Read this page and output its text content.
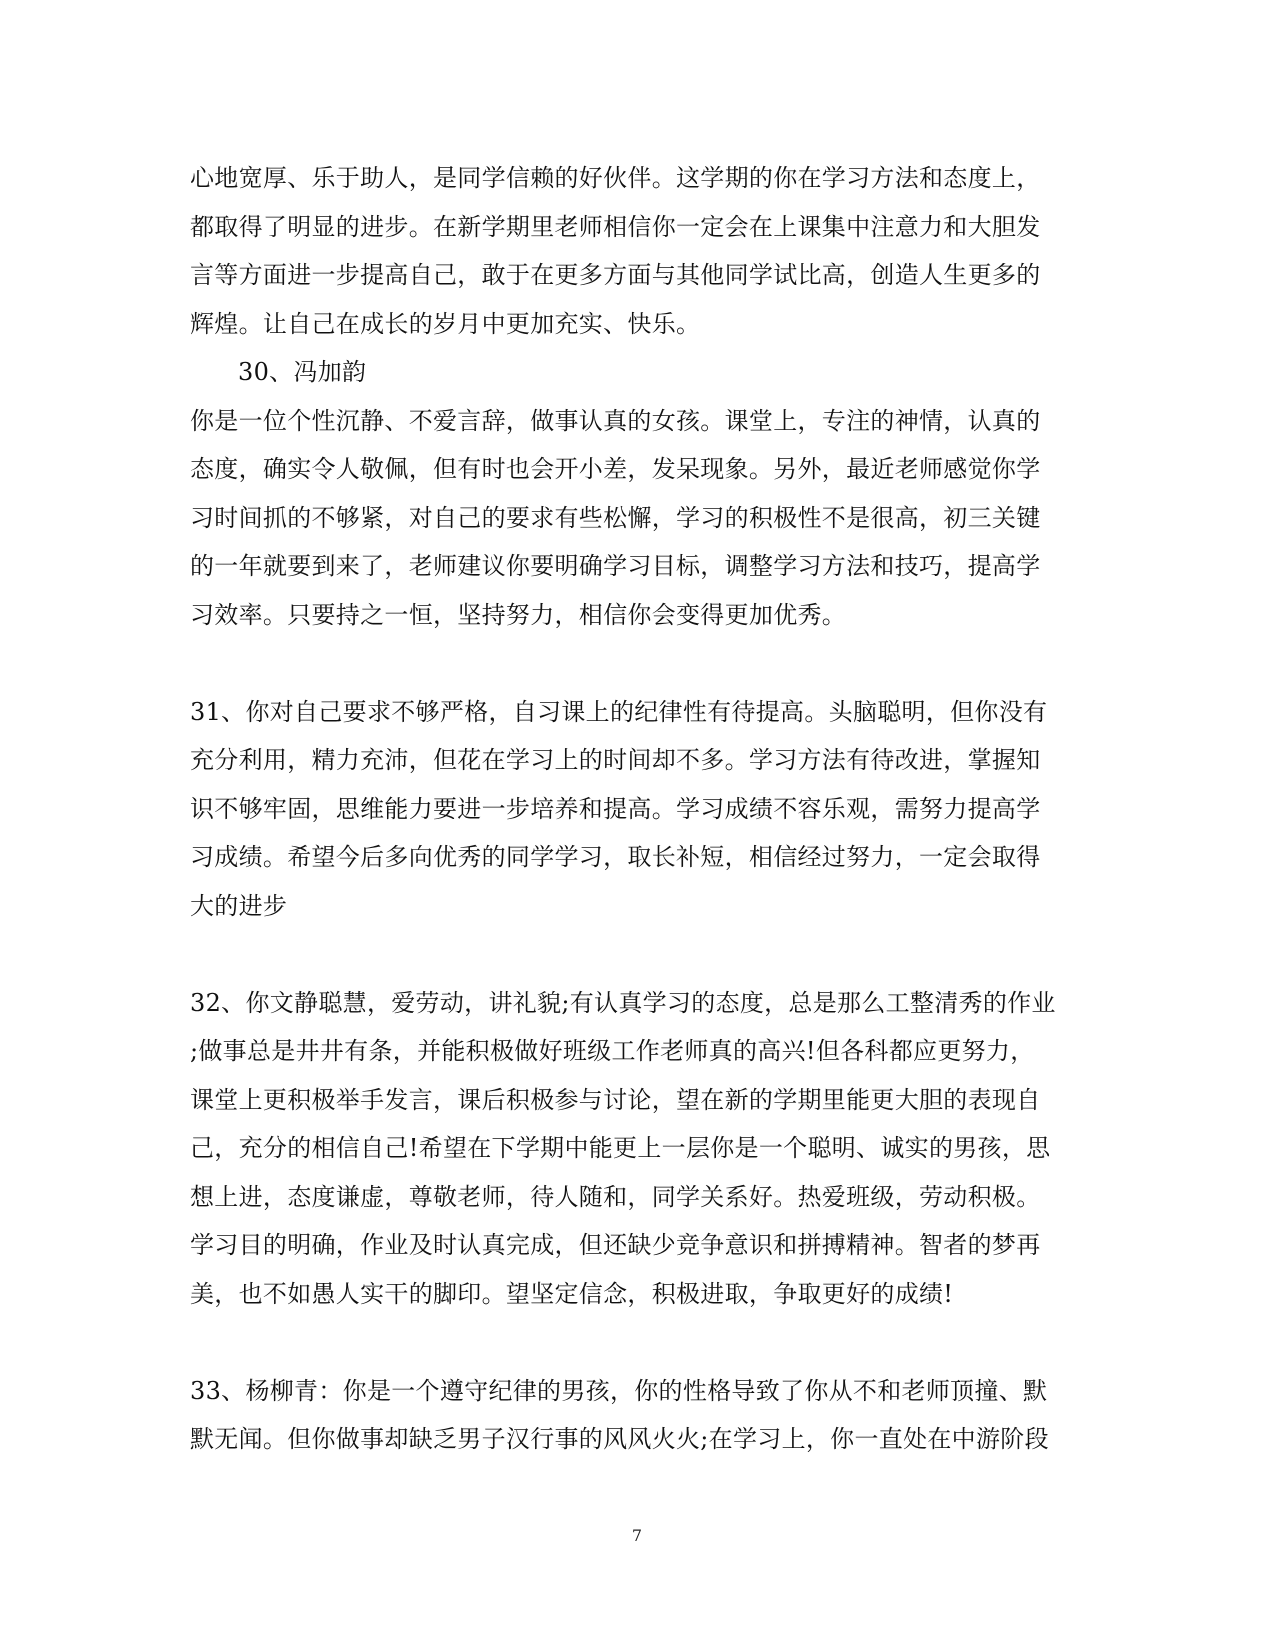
心地宽厚、乐于助人，是同学信赖的好伙伴。这学期的你在学习方法和态度上，
都取得了明显的进步。在新学期里老师相信你一定会在上课集中注意力和大胆发
言等方面进一步提高自己，敢于在更多方面与其他同学试比高，创造人生更多的
辉煌。让自己在成长的岁月中更加充实、快乐。
30、冯加韵
你是一位个性沉静、不爱言辞，做事认真的女孩。课堂上，专注的神情，认真的
态度，确实令人敬佩，但有时也会开小差，发呆现象。另外，最近老师感觉你学
习时间抓的不够紧，对自己的要求有些松懈，学习的积极性不是很高，初三关键
的一年就要到来了，老师建议你要明确学习目标，调整学习方法和技巧，提高学
习效率。只要持之一恒，坚持努力，相信你会变得更加优秀。
31、你对自己要求不够严格，自习课上的纪律性有待提高。头脑聪明，但你没有
充分利用，精力充沛，但花在学习上的时间却不多。学习方法有待改进，掌握知
识不够牢固，思维能力要进一步培养和提高。学习成绩不容乐观，需努力提高学
习成绩。希望今后多向优秀的同学学习，取长补短，相信经过努力，一定会取得
大的进步
32、你文静聪慧，爱劳动，讲礼貌;有认真学习的态度，总是那么工整清秀的作业
;做事总是井井有条，并能积极做好班级工作老师真的高兴!但各科都应更努力，
课堂上更积极举手发言，课后积极参与讨论，望在新的学期里能更大胆的表现自
己，充分的相信自己!希望在下学期中能更上一层你是一个聪明、诚实的男孩，思
想上进，态度谦虚，尊敬老师，待人随和，同学关系好。热爱班级，劳动积极。
学习目的明确，作业及时认真完成，但还缺少竞争意识和拼搏精神。智者的梦再
美，也不如愚人实干的脚印。望坚定信念，积极进取，争取更好的成绩!
33、杨柳青：你是一个遵守纪律的男孩，你的性格导致了你从不和老师顶撞、默
默无闻。但你做事却缺乏男子汉行事的风风火火;在学习上，你一直处在中游阶段
7
